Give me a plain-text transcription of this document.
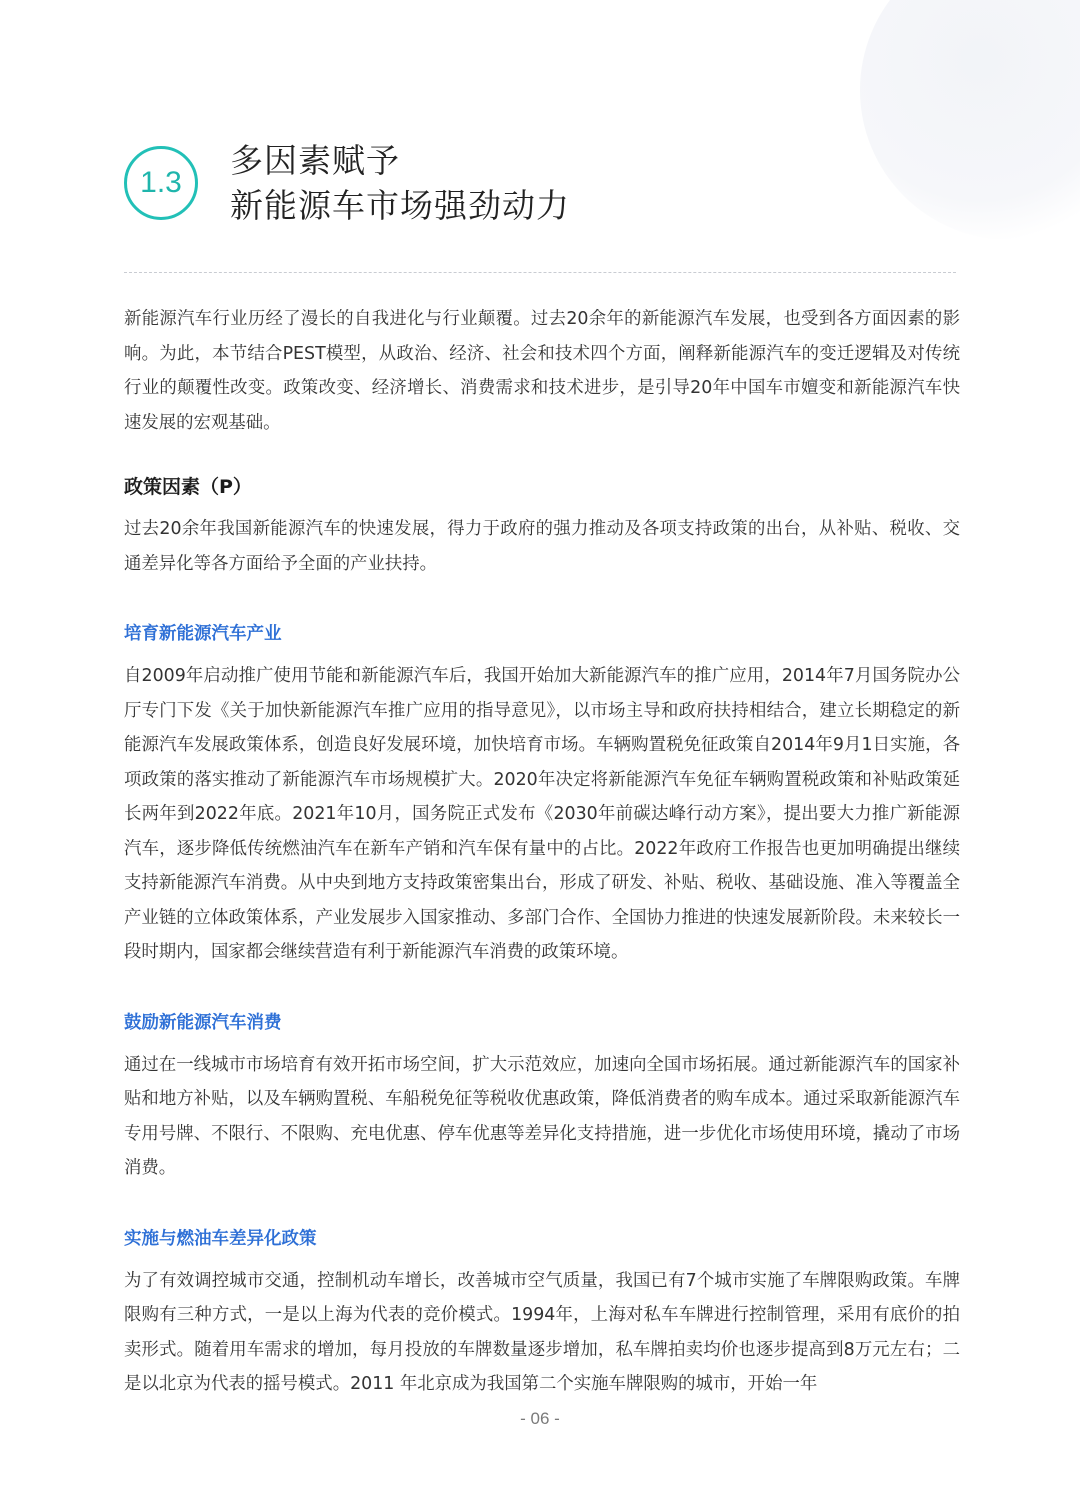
1.3
多因素赋予
新能源车市场强劲动力

新能源汽车行业历经了漫长的自我进化与行业颠覆。过去20余年的新能源汽车发展，也受到各方面因素的影响。为此，本节结合PEST模型，从政治、经济、社会和技术四个方面，阐释新能源汽车的变迁逻辑及对传统行业的颠覆性改变。政策改变、经济增长、消费需求和技术进步，是引导20年中国车市嬗变和新能源汽车快速发展的宏观基础。

政策因素（P）

过去20余年我国新能源汽车的快速发展，得力于政府的强力推动及各项支持政策的出台，从补贴、税收、交通差异化等各方面给予全面的产业扶持。

培育新能源汽车产业

自2009年启动推广使用节能和新能源汽车后，我国开始加大新能源汽车的推广应用，2014年7月国务院办公厅专门下发《关于加快新能源汽车推广应用的指导意见》，以市场主导和政府扶持相结合，建立长期稳定的新能源汽车发展政策体系，创造良好发展环境，加快培育市场。车辆购置税免征政策自2014年9月1日实施，各项政策的落实推动了新能源汽车市场规模扩大。2020年决定将新能源汽车免征车辆购置税政策和补贴政策延长两年到2022年底。2021年10月，国务院正式发布《2030年前碳达峰行动方案》，提出要大力推广新能源汽车，逐步降低传统燃油汽车在新车产销和汽车保有量中的占比。2022年政府工作报告也更加明确提出继续支持新能源汽车消费。从中央到地方支持政策密集出台，形成了研发、补贴、税收、基础设施、准入等覆盖全产业链的立体政策体系，产业发展步入国家推动、多部门合作、全国协力推进的快速发展新阶段。未来较长一段时期内，国家都会继续营造有利于新能源汽车消费的政策环境。

鼓励新能源汽车消费

通过在一线城市市场培育有效开拓市场空间，扩大示范效应，加速向全国市场拓展。通过新能源汽车的国家补贴和地方补贴，以及车辆购置税、车船税免征等税收优惠政策，降低消费者的购车成本。通过采取新能源汽车专用号牌、不限行、不限购、充电优惠、停车优惠等差异化支持措施，进一步优化市场使用环境，撬动了市场消费。

实施与燃油车差异化政策

为了有效调控城市交通，控制机动车增长，改善城市空气质量，我国已有7个城市实施了车牌限购政策。车牌限购有三种方式，一是以上海为代表的竞价模式。1994年，上海对私车车牌进行控制管理，采用有底价的拍卖形式。随着用车需求的增加，每月投放的车牌数量逐步增加，私车牌拍卖均价也逐步提高到8万元左右；二是以北京为代表的摇号模式。2011 年北京成为我国第二个实施车牌限购的城市，开始一年

- 06 -
